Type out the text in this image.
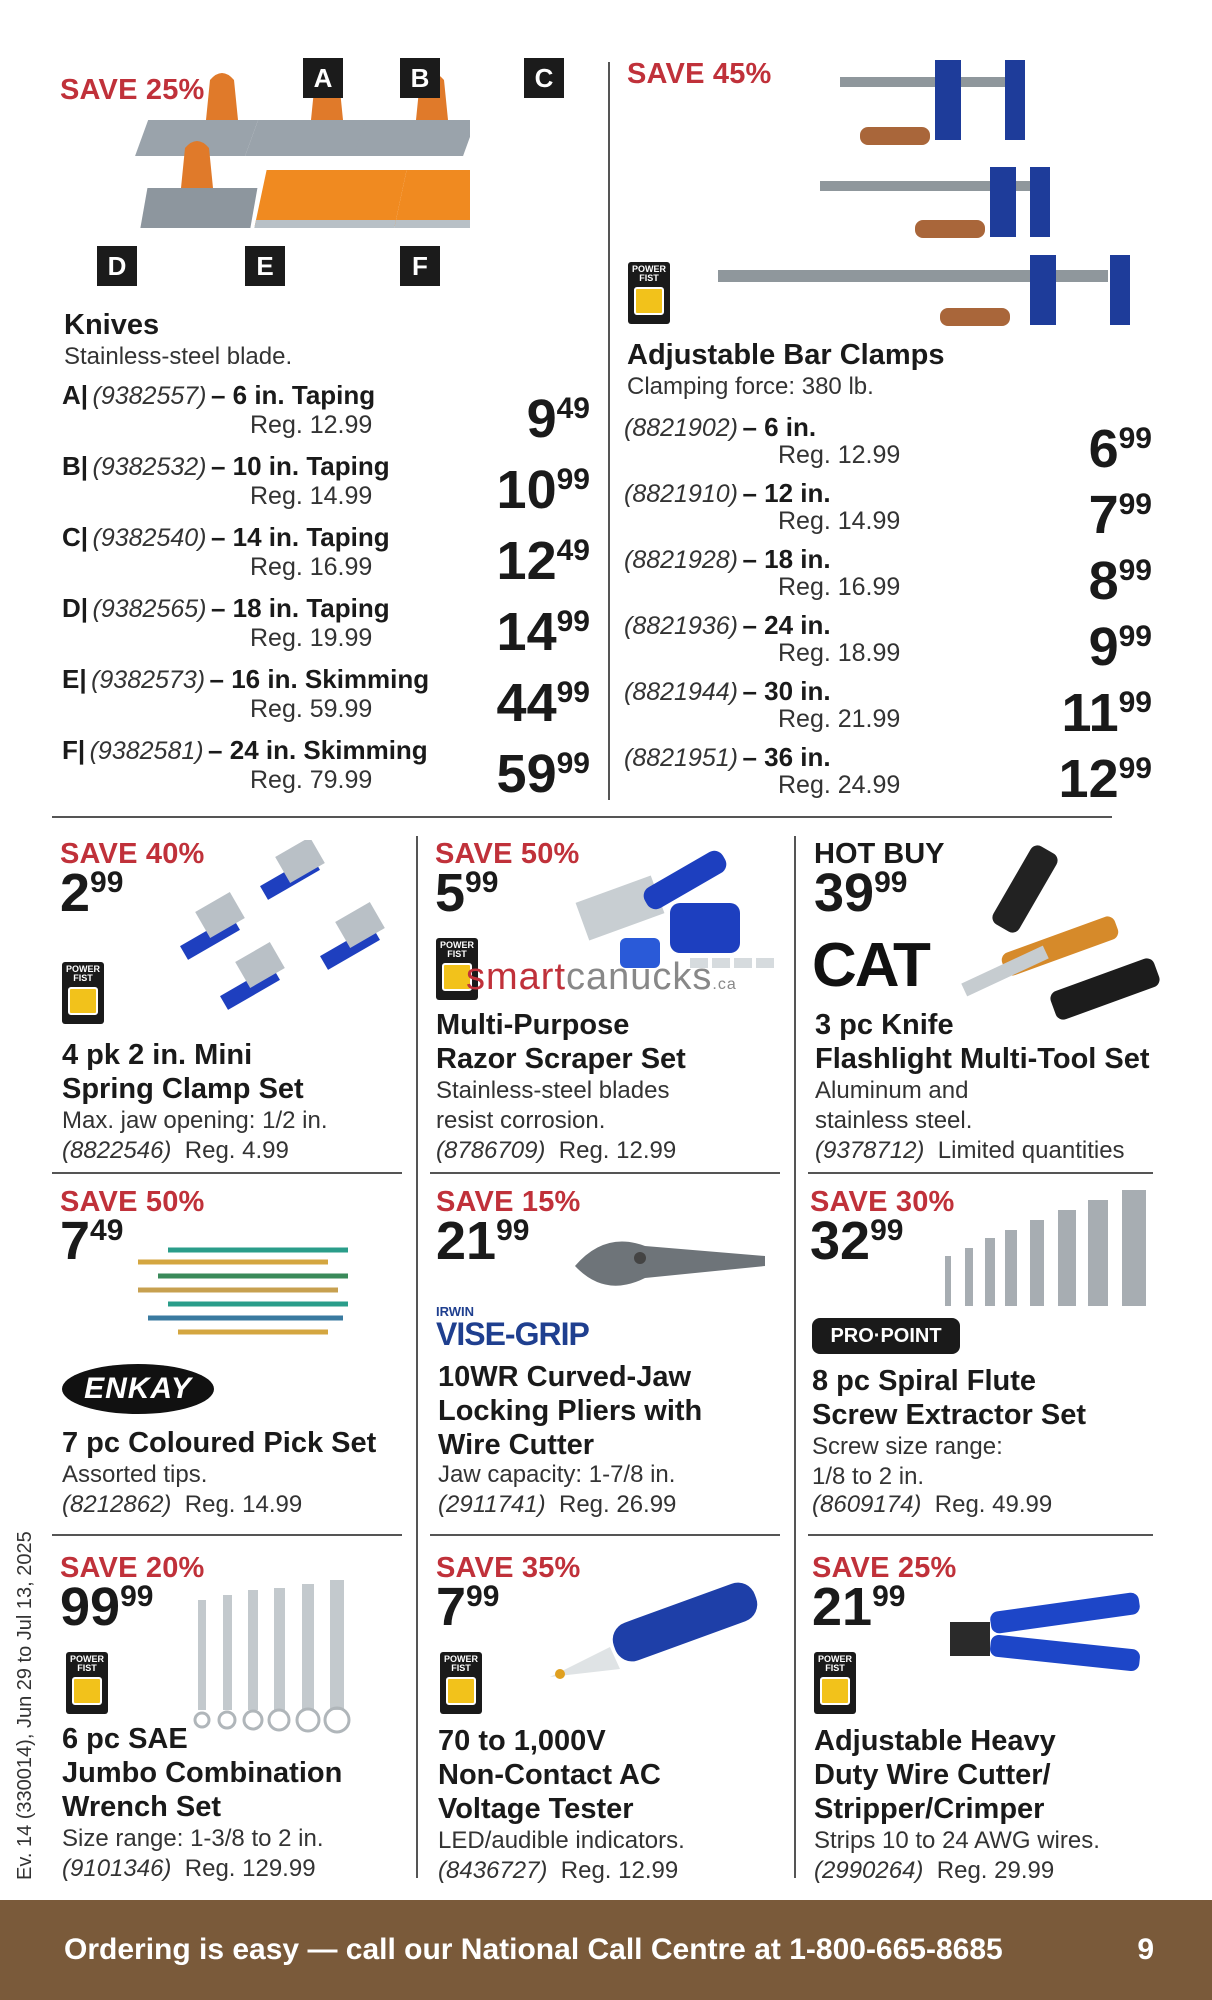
SAVE 25%	A	B	C
D	E	F
Knives
Stainless-steel blade.
A| (9382557) – 6 in. Taping
Reg. 12.99	949
B| (9382532) – 10 in. Taping
Reg. 14.99 1099
C| (9382540) – 14 in. Taping
Reg. 16.99 1249
D| (9382565) – 18 in. Taping
Reg. 19.99 1499
E| (9382573) – 16 in. Skimming
Reg. 59.99 4499
F| (9382581) – 24 in. Skimming
Reg. 79.99 5999
SAVE 45%
POWER
FIST
Adjustable Bar Clamps
Clamping force: 380 lb.
(8821902) – 6 in.
Reg. 12.99	699
(8821910) – 12 in.
Reg. 14.99	799
(8821928) – 18 in.
Reg. 16.99	899
(8821936) – 24 in.
Reg. 18.99	999
(8821944) – 30 in.
Reg. 21.99	1199
(8821951) – 36 in.
Reg. 24.99	1299
SAVE 40%
299
POWER
FIST
4 pk 2 in. Mini
Spring Clamp Set
Max. jaw opening: 1/2 in.
(8822546) Reg. 4.99
SAVE 50%
599
POWER
FIST
smartcanucks.ca
Multi-Purpose
Razor Scraper Set
Stainless-steel blades
resist corrosion.
(8786709) Reg. 12.99
HOT BUY
3999
CAT
3 pc Knife
Flashlight Multi-Tool Set
Aluminum and
stainless steel.
(9378712) Limited quantities
SAVE 50%
749
ENKAY
7 pc Coloured Pick Set
Assorted tips.
(8212862) Reg. 14.99
SAVE 15%
2199
IRWIN
VISE-GRIP
10WR Curved-Jaw
Locking Pliers with
Wire Cutter
Jaw capacity: 1-7/8 in.
(2911741) Reg. 26.99
SAVE 30%
3299
PRO·POINT
8 pc Spiral Flute
Screw Extractor Set
Screw size range:
1/8 to 2 in.
(8609174) Reg. 49.99
SAVE 20%
9999
POWER
FIST
6 pc SAE
Jumbo Combination
Wrench Set
Size range: 1-3/8 to 2 in.
(9101346) Reg. 129.99
SAVE 35%
799
POWER
FIST
70 to 1,000V
Non-Contact AC
Voltage Tester
LED/audible indicators.
(8436727) Reg. 12.99
SAVE 25%
2199
POWER
FIST
Adjustable Heavy
Duty Wire Cutter/
Stripper/Crimper
Strips 10 to 24 AWG wires.
(2990264) Reg. 29.99
Ev. 14 (330014), Jun 29 to Jul 13, 2025
Ordering is easy — call our National Call Centre at 1-800-665-8685	9
